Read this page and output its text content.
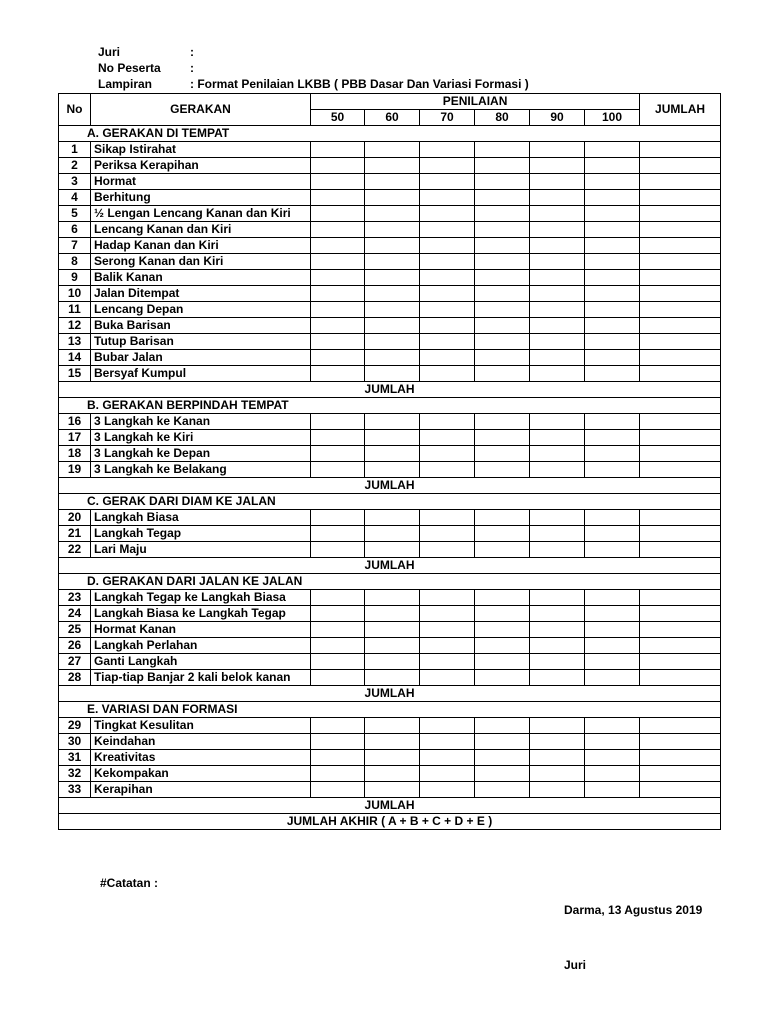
Juri	:
No Peserta :
Lampiran	: Format Penilaian LKBB ( PBB Dasar Dan Variasi Formasi )
No	GERAKAN	PENILAIAN						JUMLAH
		50	60	70	80	90	100	
A. GERAKAN DI TEMPAT								
1	Sikap Istirahat							
2	Periksa Kerapihan							
3	Hormat							
4	Berhitung							
5	½ Lengan Lencang Kanan dan Kiri							
6	Lencang Kanan dan Kiri							
7	Hadap Kanan dan Kiri							
8	Serong Kanan dan Kiri							
9	Balik Kanan							
10	Jalan Ditempat							
11	Lencang Depan							
12	Buka Barisan							
13	Tutup Barisan							
14	Bubar Jalan							
15	Bersyaf Kumpul							
JUMLAH								
B. GERAKAN BERPINDAH TEMPAT								
16	3 Langkah ke Kanan							
17	3 Langkah ke Kiri							
18	3 Langkah ke Depan							
19	3 Langkah ke Belakang							
JUMLAH								
C. GERAK DARI DIAM KE JALAN								
20	Langkah Biasa							
21	Langkah Tegap							
22	Lari Maju							
JUMLAH								
D. GERAKAN DARI JALAN KE JALAN								
23	Langkah Tegap ke Langkah Biasa							
24	Langkah Biasa ke Langkah Tegap							
25	Hormat Kanan							
26	Langkah Perlahan							
27	Ganti Langkah							
28	Tiap-tiap Banjar 2 kali belok kanan							
JUMLAH								
E. VARIASI DAN FORMASI								
29	Tingkat Kesulitan							
30	Keindahan							
31	Kreativitas							
32	Kekompakan							
33	Kerapihan							
JUMLAH								
JUMLAH AKHIR ( A + B + C + D + E )								
#Catatan :
Darma, 13 Agustus 2019
Juri
